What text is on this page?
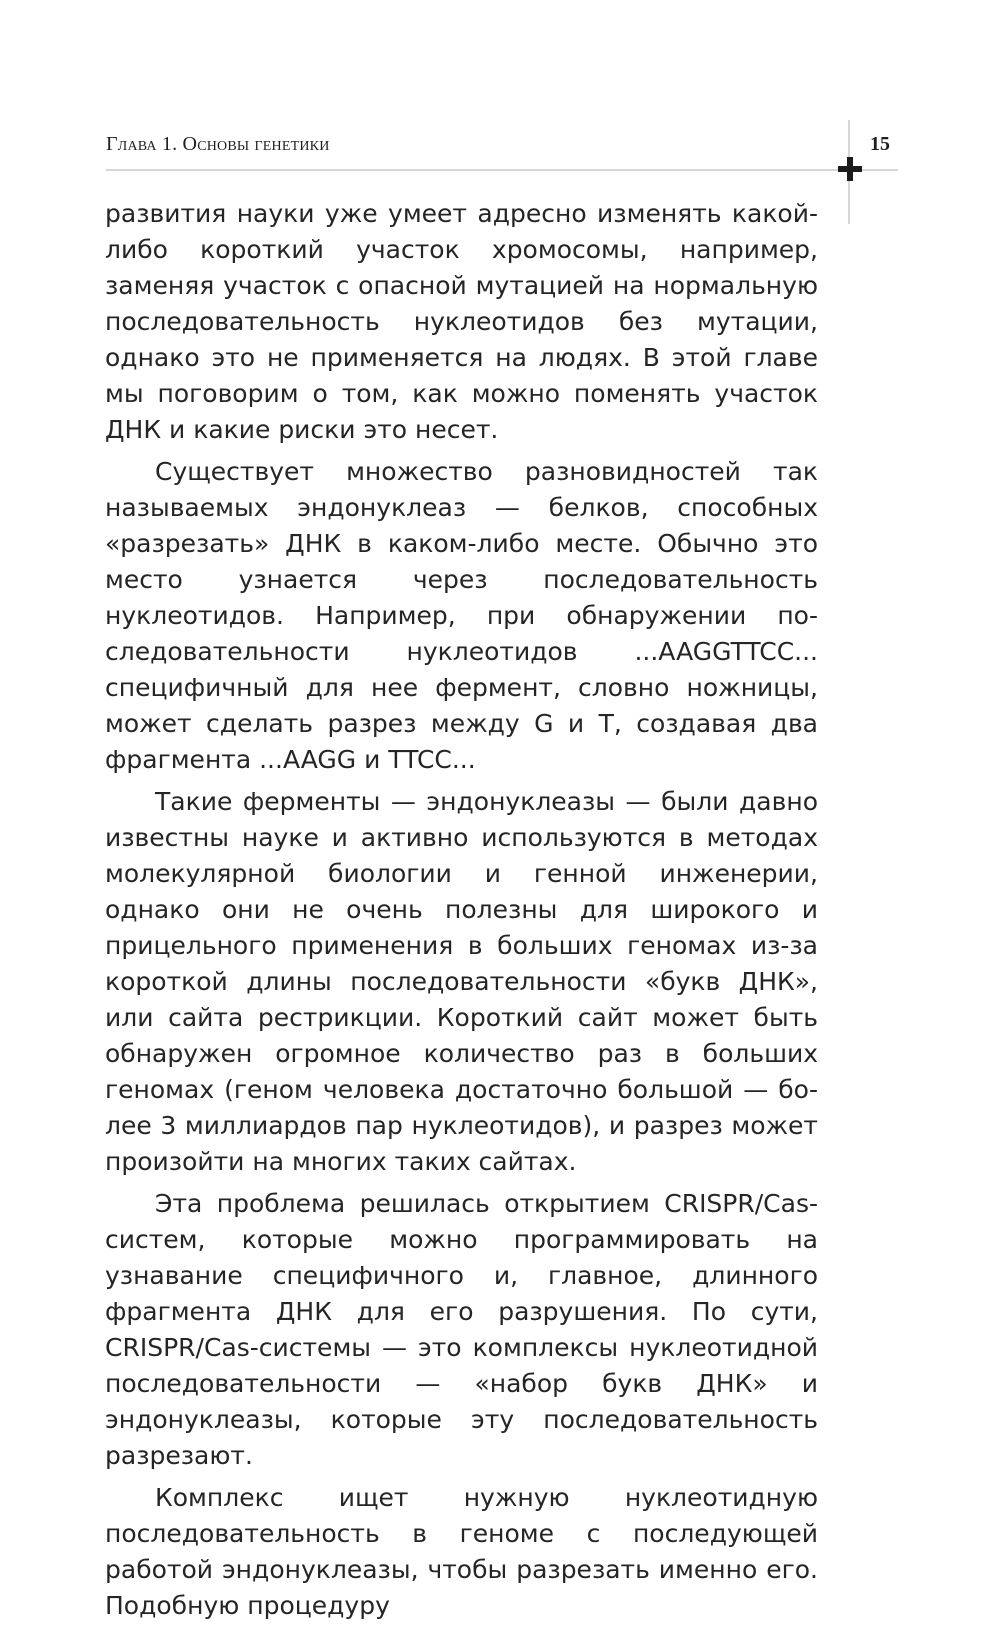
Глава 1. Основы генетики	15

развития науки уже умеет адресно изменять какой-либо короткий участок хромосомы, например, заменяя участок с опасной мутацией на нормальную последовательность нуклеотидов без мутации, однако это не применяется на людях. В этой главе мы поговорим о том, как можно поменять участок ДНК и какие риски это несет.

Существует множество разновидностей так называемых эндонуклеаз — белков, способных «разрезать» ДНК в каком-либо месте. Обычно это место узнается через последовательность нуклеотидов. Например, при обнаружении последовательности нуклеотидов ...AAGGTTCC... специфичный для нее фермент, словно ножницы, может сделать разрез между G и T, создавая два фрагмента ...AAGG и TTCC...

Такие ферменты — эндонуклеазы — были давно известны науке и активно используются в методах молекулярной биологии и генной инженерии, однако они не очень полезны для широкого и прицельного применения в больших геномах из-за короткой длины последовательности «букв ДНК», или сайта рестрикции. Короткий сайт может быть обнаружен огромное количество раз в больших геномах (геном человека достаточно большой — более 3 миллиардов пар нуклеотидов), и разрез может произойти на многих таких сайтах.

Эта проблема решилась открытием CRISPR/Cas-систем, которые можно программировать на узнавание специфичного и, главное, длинного фрагмента ДНК для его разрушения. По сути, CRISPR/Cas-системы — это комплексы нуклеотидной последовательности — «набор букв ДНК» и эндонуклеазы, которые эту последовательность разрезают.

Комплекс ищет нужную нуклеотидную последовательность в геноме с последующей работой эндонуклеазы, чтобы разрезать именно его. Подобную процедуру
